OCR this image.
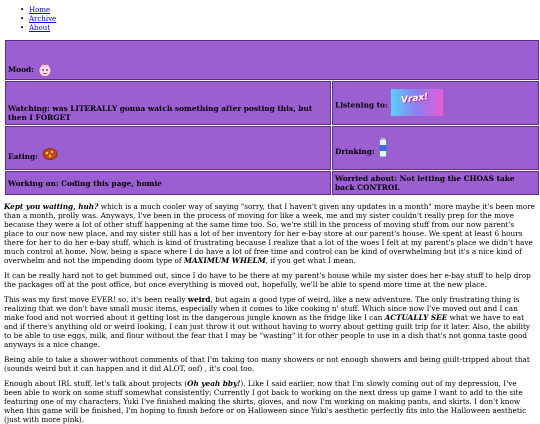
• Home
• Archive
• About
Mood:	
Watching: was LITERALLY gonna watch something after posting this, but then I FORGET	Listening to: Vrax!

Eating:	Drinking:
Working on: Coding this page, homie	Worried about: Not letting the CHOAS take back CONTROL

Kept you waiting, huh? which is a much cooler way of saying "sorry, that I haven't given any updates in a month" more maybe it's been more than a month, prolly was. Anyways, I've been in the process of moving for like a week, me and my sister couldn't really prep for the move because they were a lot of other stuff happening at the same time too. So, we're still in the process of moving stuff from our now parent's place to our now new place, and my sister still has a lot of her inventory for her e-bay store at our parent's house. We spent at least 6 hours there for her to do her e-bay stuff, which is kind of frustrating because I realize that a lot of the woes I felt at my parent's place we didn't have much control at home. Now, being a space where I do have a lot of free time and control can be kind of overwhelming but it's a nice kind of overwhelm and not the impending doom type of MAXIMUM WHELM, if you get what I mean.

It can be really hard not to get bummed out, since I do have to be there at my parent's house while my sister does her e-bay stuff to help drop the packages off at the post office, but once everything is moved out, hopefully, we'll be able to spend more time at the new place.

This was my first move EVER! so, it's been really weird, but again a good type of weird, like a new adventure. The only frustrating thing is realizing that we don't have small music items, especially when it comes to like cooking n' stuff. Which since now I've moved out and I can make food and not worried about it getting lost in the dangerous jungle known as the fridge like I can ACTUALLY SEE what we have to eat and if there's anything old or weird looking, I can just throw it out without having to worry about getting guilt trip for it later. Also, the ability to be able to use eggs, milk, and flour without the fear that I may be "wasting" it for other people to use in a dish that's not gonna taste good anyways is a nice change.

Being able to take a shower without comments of that I'm taking too many showers or not enough showers and being guilt-tripped about that (sounds weird but it can happen and it did ALOT, oof) , it's cool too.

Enough about IRL stuff, let's talk about projects (Oh yeah bby!), Like I said earlier, now that I'm slowly coming out of my depression, I've been able to work on some stuff somewhat consistently; Currently I got back to working on the next dress up game I want to add to the site featuring one of my characters, Yuki I've finished making the shirts, gloves, and now I'm working on making pants, and skirts. I don't know when this game will be finished, I'm hoping to finish before or on Halloween since Yuki's aesthetic perfectly fits into the Halloween aesthetic (just with more pink).
